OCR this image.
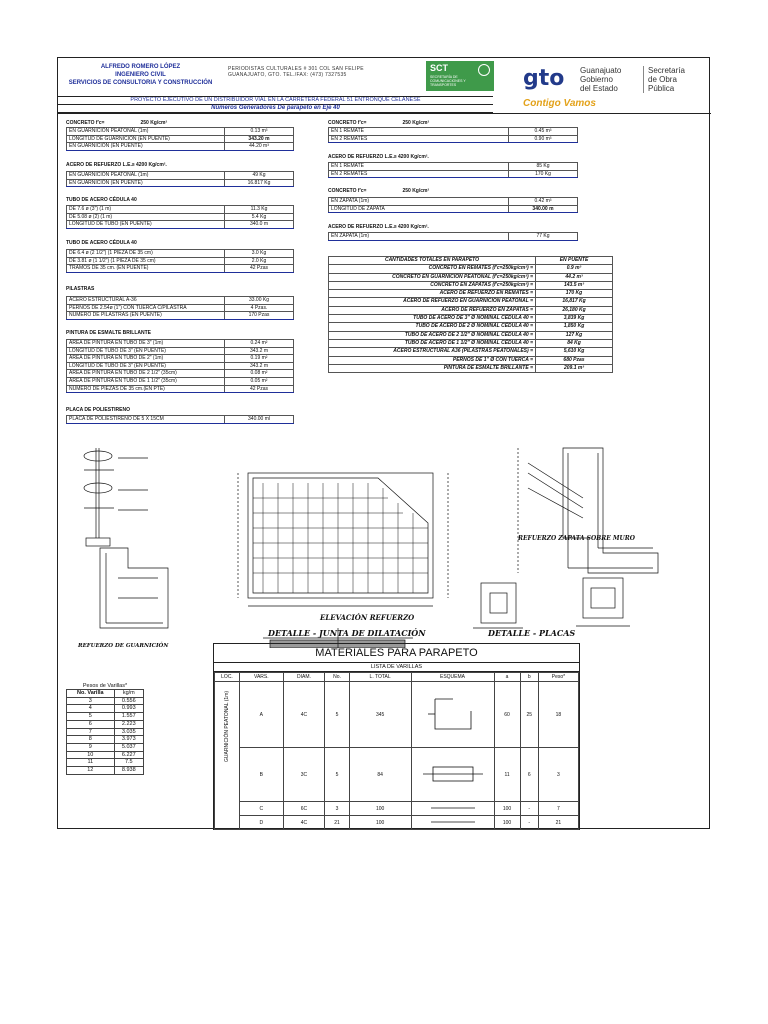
ALFREDO ROMERO LÓPEZ
INGENIERO CIVIL
SERVICIOS DE CONSULTORIA Y CONSTRUCCIÓN
PERIODISTAS CULTURALES # 301 COL SAN FELIPE
GUANAJUATO, GTO. TEL./FAX: (473) 7327535
SCT
SECRETARÍA DE COMUNICACIONES Y TRANSPORTES	gto Guanajuato
Gobierno
del Estado
Secretaría
de Obra
Pública
Contigo Vamos
PROYECTO EJECUTIVO DE UN DISTRIBUIDOR VIAL EN LA CARRETERA FEDERAL 51 ENTRONQUE CELANESE
Números Generadores De parapeto en Eje 40
CONCRETO f'c=	250 Kg/cm²
EN GUARNICIÓN PEATONAL (1m)	0.13 m³
LONGITUD DE GUARNICIÓN (EN PUENTE)	343.20 m
EN GUARNICIÓN (EN PUENTE)	44.20 m³
ACERO DE REFUERZO L.E.≥ 4200 Kg/cm².
EN GUARNICIÓN PEATONAL (1m)	49 Kg
EN GUARNICIÓN (EN PUENTE)	16.817 Kg
TUBO DE ACERO CÉDULA 40
DE 7.6 ø (3") (1 m)	11.3 Kg
DE 5.08 ø (2) (1 m)	5.4 Kg
LONGITUD DE TUBO (EN PUENTE)	340.0 m
TUBO DE ACERO CÉDULA 40
DE 6.4 ø (2 1/2") (1 PIEZA DE 35 cm)	3.0 Kg
DE 3.81 ø (1 1/2") (1 PIEZA DE 35 cm)	2.0 Kg
TRAMOS DE 35 cm. (EN PUENTE)	42 Pzas
PILASTRAS
ACERO ESTRUCTURAL A-36	33.00 Kg
PERNOS DE 2.54ø (1") CON TUERCA C/PILASTRA	4 Pzas.
NUMERO DE PILASTRAS (EN PUENTE)	170 Pzas
PINTURA DE ESMALTE BRILLANTE
ÁREA DE PINTURA EN TUBO DE 3" (1m)	0.24 m²
LONGITUD DE TUBO DE 3" (EN PUENTE)	343.2 m
ÁREA DE PINTURA EN TUBO DE 2" (1m)	0.19 m²
LONGITUD DE TUBO DE 3" (EN PUENTE)	343.2 m
ÁREA DE PINTURA EN TUBO DE 2 1/2" (35cm)	0.08 m²
ÁREA DE PINTURA EN TUBO DE 1 1/2" (35cm)	0.05 m²
NUMERO DE PIEZAS DE 35 cm.(EN PTE)	42 Pzas
PLACA DE POLIESTIRENO
PLACA DE POLIESTIRENO DE 5 X 15CM	340.00 ml
CONCRETO f'c=	250 Kg/cm²
EN 1 REMATE	0.45 m³
EN 2 REMATES	0.90 m³
ACERO DE REFUERZO L.E.≥ 4200 Kg/cm².
EN 1 REMATE	85 Kg
EN 2 REMATES	170 Kg
CONCRETO f'c=	250 Kg/cm²
EN ZAPATA (1m)	0.42 m³
LONGITUD DE ZAPATA	340.00 m
ACERO DE REFUERZO L.E.≥ 4200 Kg/cm².
EN ZAPATA (1m)	77 Kg
CANTIDADES TOTALES EN PARAPETO	EN PUENTE
CONCRETO EN REMATES (f'c=250kg/cm²) =	0.9 m³
CONCRETO EN GUARNICION PEATONAL (f'c=250kg/cm²) =	44.2 m³
CONCRETO EN ZAPATAS (f'c=250kg/cm²) =	143.5 m³
ACERO DE REFUERZO EN REMATES =	170 Kg
ACERO DE REFUERZO EN GUARNICION PEATONAL =	16,817 Kg
ACERO DE REFUERZO EN ZAPATAS =	26,180 Kg
TUBO DE ACERO DE 3" Ø NOMINAL CÉDULA 40 =	3,839 Kg
TUBO DE ACERO DE 2 Ø NOMINAL CÉDULA 40 =	1,850 Kg
TUBO DE ACERO DE 2 1/2" Ø NOMINAL CÉDULA 40 =	127 Kg
TUBO DE ACERO DE 1 1/2" Ø NOMINAL CÉDULA 40 =	84 Kg
ACERO ESTRUCTURAL A36 (PILASTRAS PEATONALES) =	5,610 Kg
PERNOS DE 1" Ø CON TUERCA =	680 Pzas
PINTURA DE ESMALTE BRILLANTE =	209.1 m²
ELEVACIÓN REFUERZO
DETALLE - JUNTA DE DILATACIÓN	DETALLE - PLACAS
REFUERZO ZAPATA SOBRE MURO
REFUERZO DE GUARNICIÓN
MATERIALES PARA PARAPETO
LISTA DE VARILLAS
LOC.	VARS.	DIAM.	No.	L. TOTAL	ESQUEMA	a	b	Peso*

GUARNICIÓN PEATONAL (1m)	A	4C	5	345		60	25	18
	B	3C	5	84		11	6	3
	C	6C	3	100		100	-	7
	D	4C	21	100		100	-	21
Pesos de Varillas*
No. Varilla	kg/m
3	0.556
4	0.993
5	1.557
6	2.223
7	3.035
8	3.973
9	5.037
10	6.227
11	7.5
12	8.938
